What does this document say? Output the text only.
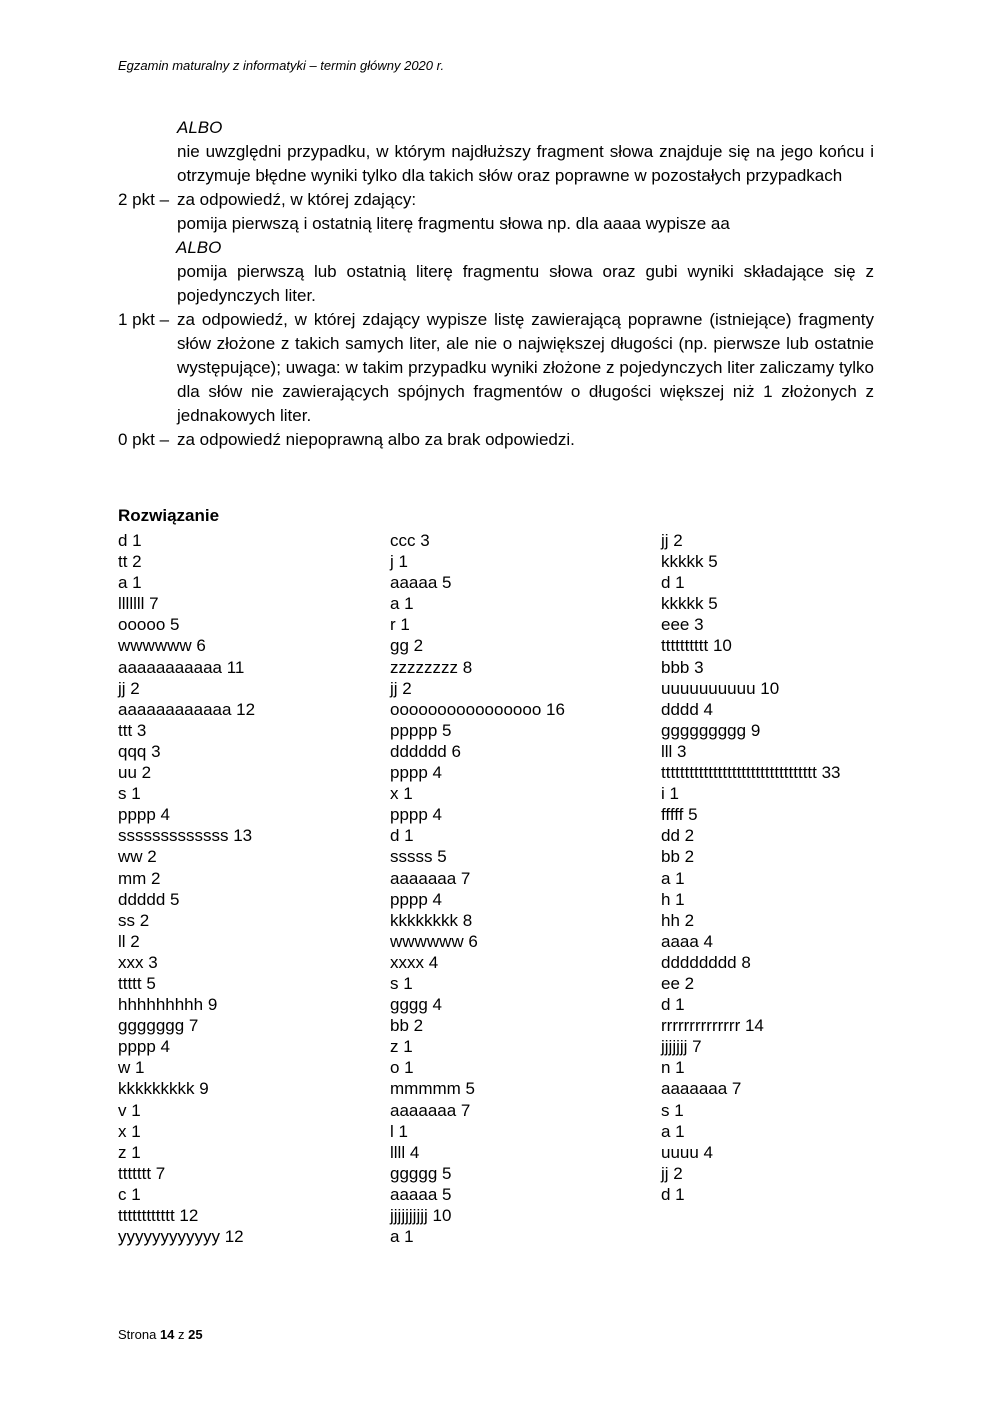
Egzamin maturalny z informatyki – termin główny 2020 r.
ALBO
nie uwzględni przypadku, w którym najdłuższy fragment słowa znajduje się na jego końcu i otrzymuje błędne wyniki tylko dla takich słów oraz poprawne w pozostałych przypadkach
2 pkt – za odpowiedź, w której zdający:
pomija pierwszą i ostatnią literę fragmentu słowa np. dla aaaa wypisze aa
ALBO
pomija pierwszą lub ostatnią literę fragmentu słowa oraz gubi wyniki składające się z pojedynczych liter.
1 pkt – za odpowiedź, w której zdający wypisze listę zawierającą poprawne (istniejące) fragmenty słów złożone z takich samych liter, ale nie o największej długości (np. pierwsze lub ostatnie występujące); uwaga: w takim przypadku wyniki złożone z pojedynczych liter zaliczamy tylko dla słów nie zawierających spójnych fragmentów o długości większej niż 1 złożonych z jednakowych liter.
0 pkt – za odpowiedź niepoprawną albo za brak odpowiedzi.
Rozwiązanie
d 1
tt 2
a 1
lllllll 7
ooooo 5
wwwwww 6
aaaaaaaaaaa 11
jj 2
aaaaaaaaaaaa 12
ttt 3
qqq 3
uu 2
s 1
pppp 4
sssssssssssss 13
ww 2
mm 2
ddddd 5
ss 2
ll 2
xxx 3
ttttt 5
hhhhhhhhh 9
ggggggg 7
pppp 4
w 1
kkkkkkkkk 9
v 1
x 1
z 1
ttttttt 7
c 1
tttttttttttt 12
yyyyyyyyyyyy 12
ccc 3
j 1
aaaaa 5
a 1
r 1
gg 2
zzzzzzzz 8
jj 2
oooooooooooooooo 16
ppppp 5
dddddd 6
pppp 4
x 1
pppp 4
d 1
sssss 5
aaaaaaa 7
pppp 4
kkkkkkkk 8
wwwwww 6
xxxx 4
s 1
gggg 4
bb 2
z 1
o 1
mmmmm 5
aaaaaaa 7
l 1
llll 4
ggggg 5
aaaaa 5
jjjjjjjjjj 10
a 1
jj 2
kkkkk 5
d 1
kkkkk 5
eee 3
tttttttttt 10
bbb 3
uuuuuuuuuu 10
dddd 4
ggggggggg 9
lll 3
ttttttttttttttttttttttttttttttttt 33
i 1
fffff 5
dd 2
bb 2
a 1
h 1
hh 2
aaaa 4
dddddddd 8
ee 2
d 1
rrrrrrrrrrrrrr 14
jjjjjjj 7
n 1
aaaaaaa 7
s 1
a 1
uuuu 4
jj 2
d 1
Strona 14 z 25
